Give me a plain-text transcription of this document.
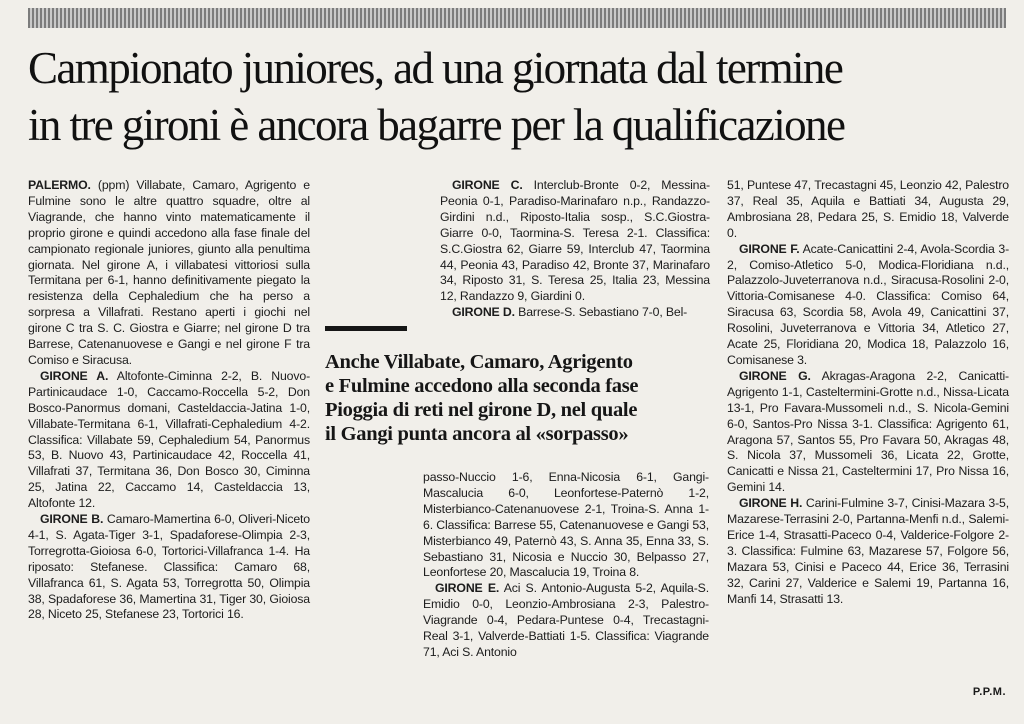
Campionato juniores, ad una giornata dal termine
in tre gironi è ancora bagarre per la qualificazione

PALERMO. (ppm) Villabate, Camaro, Agrigento e Fulmine sono le altre quattro squadre, oltre al Viagrande, che hanno vinto matematicamente il proprio girone e quindi accedono alla fase finale del campionato regionale juniores, giunto alla penultima giornata. Nel girone A, i villabatesi vittoriosi sulla Termitana per 6-1, hanno definitivamente piegato la resistenza della Cephaledium che ha perso a sorpresa a Villafrati. Restano aperti i giochi nel girone C tra S. C. Giostra e Giarre; nel girone D tra Barrese, Catenanuovese e Gangi e nel girone F tra Comiso e Siracusa.

GIRONE A. Altofonte-Ciminna 2-2, B. Nuovo-Partinicaudace 1-0, Caccamo-Roccella 5-2, Don Bosco-Panormus domani, Casteldaccia-Jatina 1-0, Villabate-Termitana 6-1, Villafrati-Cephaledium 4-2. Classifica: Villabate 59, Cephaledium 54, Panormus 53, B. Nuovo 43, Partinicaudace 42, Roccella 41, Villafrati 37, Termitana 36, Don Bosco 30, Ciminna 25, Jatina 22, Caccamo 14, Casteldaccia 13, Altofonte 12.

GIRONE B. Camaro-Mamertina 6-0, Oliveri-Niceto 4-1, S. Agata-Tiger 3-1, Spadaforese-Olimpia 2-3, Torregrotta-Gioiosa 6-0, Tortorici-Villafranca 1-4. Ha riposato: Stefanese. Classifica: Camaro 68, Villafranca 61, S. Agata 53, Torregrotta 50, Olimpia 38, Spadaforese 36, Mamertina 31, Tiger 30, Gioiosa 28, Niceto 25, Stefanese 23, Tortorici 16.

GIRONE C. Interclub-Bronte 0-2, Messina-Peonia 0-1, Paradiso-Marinafaro n.p., Randazzo-Girdini n.d., Riposto-Italia sosp., S.C.Giostra-Giarre 0-0, Taormina-S. Teresa 2-1. Classifica: S.C.Giostra 62, Giarre 59, Interclub 47, Taormina 44, Peonia 43, Paradiso 42, Bronte 37, Marinafaro 34, Riposto 31, S. Teresa 25, Italia 23, Messina 12, Randazzo 9, Giardini 0.

GIRONE D. Barrese-S. Sebastiano 7-0, Bel-

Anche Villabate, Camaro, Agrigento
e Fulmine accedono alla seconda fase
Pioggia di reti nel girone D, nel quale
il Gangi punta ancora al «sorpasso»

passo-Nuccio 1-6, Enna-Nicosia 6-1, Gangi-Mascalucia 6-0, Leonfortese-Paternò 1-2, Misterbianco-Catenanuovese 2-1, Troina-S. Anna 1-6. Classifica: Barrese 55, Catenanuovese e Gangi 53, Misterbianco 49, Paternò 43, S. Anna 35, Enna 33, S. Sebastiano 31, Nicosia e Nuccio 30, Belpasso 27, Leonfortese 20, Mascalucia 19, Troina 8.

GIRONE E. Aci S. Antonio-Augusta 5-2, Aquila-S. Emidio 0-0, Leonzio-Ambrosiana 2-3, Palestro-Viagrande 0-4, Pedara-Puntese 0-4, Trecastagni-Real 3-1, Valverde-Battiati 1-5. Classifica: Viagrande 71, Aci S. Antonio

51, Puntese 47, Trecastagni 45, Leonzio 42, Palestro 37, Real 35, Aquila e Battiati 34, Augusta 29, Ambrosiana 28, Pedara 25, S. Emidio 18, Valverde 0.

GIRONE F. Acate-Canicattini 2-4, Avola-Scordia 3-2, Comiso-Atletico 5-0, Modica-Floridiana n.d., Palazzolo-Juveterranova n.d., Siracusa-Rosolini 2-0, Vittoria-Comisanese 4-0. Classifica: Comiso 64, Siracusa 63, Scordia 58, Avola 49, Canicattini 37, Rosolini, Juveterranova e Vittoria 34, Atletico 27, Acate 25, Floridiana 20, Modica 18, Palazzolo 16, Comisanese 3.

GIRONE G. Akragas-Aragona 2-2, Canicatti-Agrigento 1-1, Casteltermini-Grotte n.d., Nissa-Licata 13-1, Pro Favara-Mussomeli n.d., S. Nicola-Gemini 6-0, Santos-Pro Nissa 3-1. Classifica: Agrigento 61, Aragona 57, Santos 55, Pro Favara 50, Akragas 48, S. Nicola 37, Mussomeli 36, Licata 22, Grotte, Canicatti e Nissa 21, Casteltermini 17, Pro Nissa 16, Gemini 14.

GIRONE H. Carini-Fulmine 3-7, Cinisi-Mazara 3-5, Mazarese-Terrasini 2-0, Partanna-Menfi n.d., Salemi-Erice 1-4, Strasatti-Paceco 0-4, Valderice-Folgore 2-3. Classifica: Fulmine 63, Mazarese 57, Folgore 56, Mazara 53, Cinisi e Paceco 44, Erice 36, Terrasini 32, Carini 27, Valderice e Salemi 19, Partanna 16, Manfi 14, Strasatti 13.

P.P.M.
